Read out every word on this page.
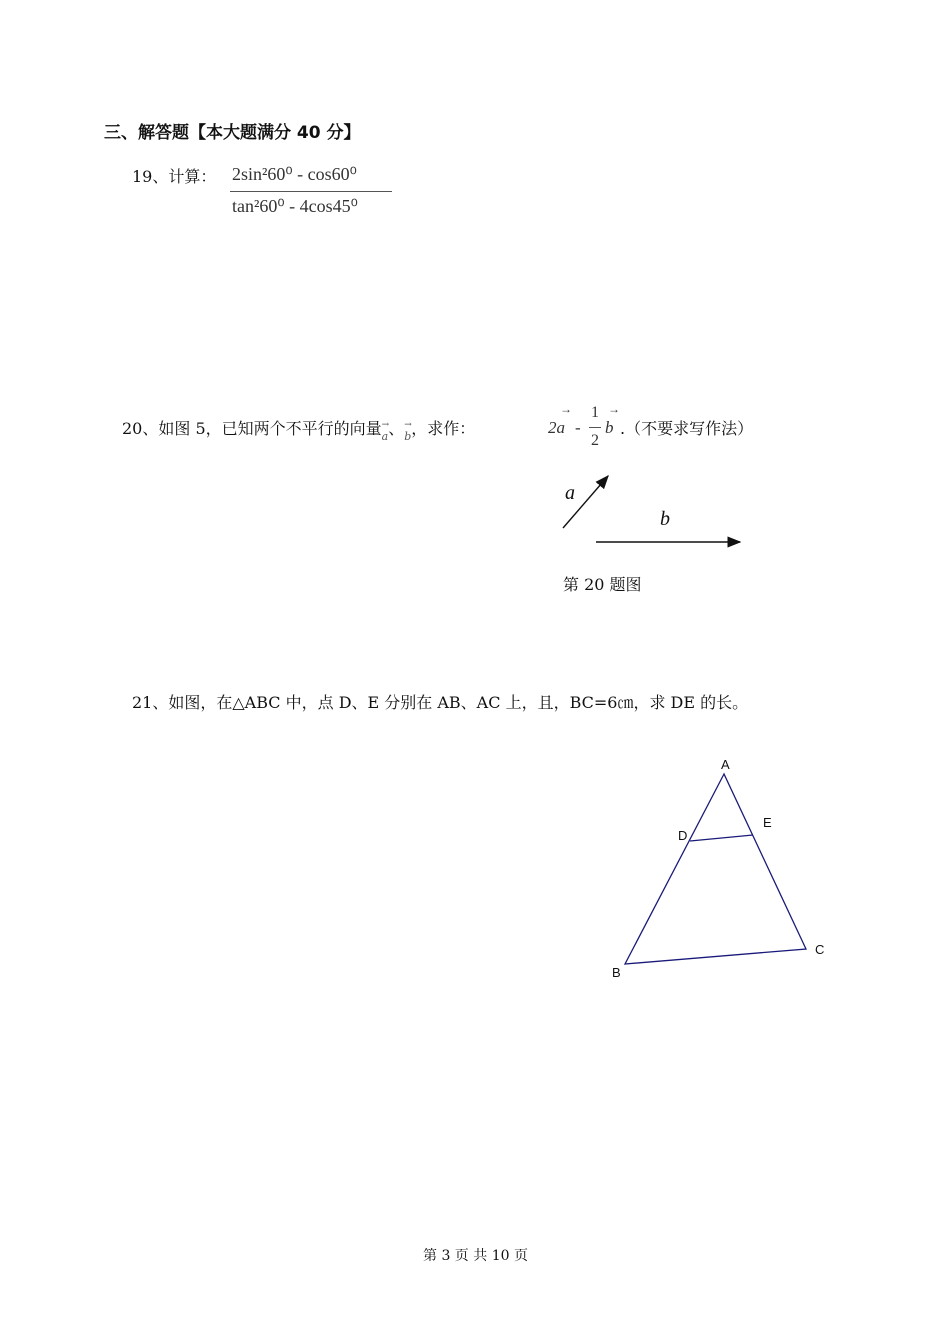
三、解答题【本大题满分 40 分】
19、计算： 2sin²60⁰ - cos60⁰
tan²60⁰ - 4cos45⁰
20、如图 5，已知两个不平行的向量 →
a、 →
b，求作：
→
2a -
1
2
→
b .（不要求写作法）
a
b
第 20 题图
21、如图，在△ABC 中，点 D、E 分别在 AB、AC 上，且，BC=6㎝，求 DE 的长。
A
D
E
B
C
第 3 页 共 10 页
